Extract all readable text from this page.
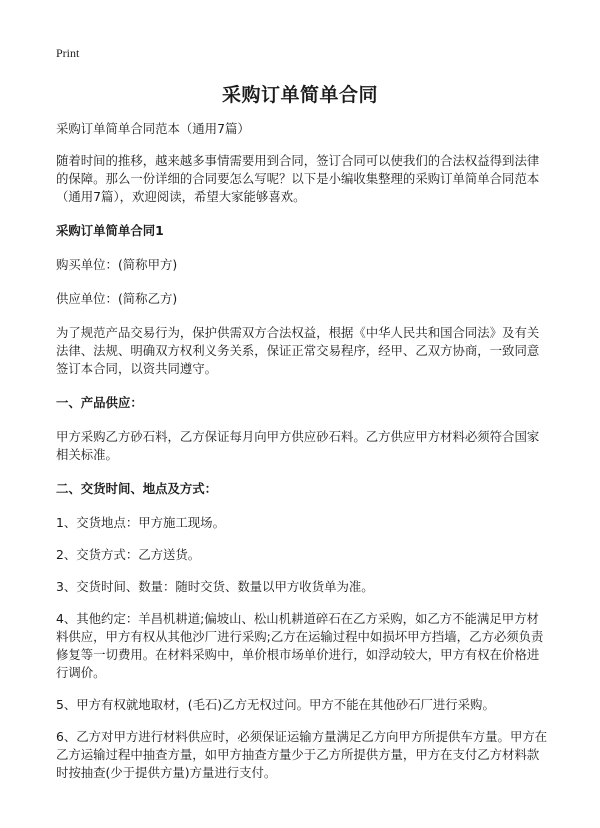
Print
采购订单简单合同

采购订单简单合同范本（通用7篇）

随着时间的推移，越来越多事情需要用到合同，签订合同可以使我们的合法权益得到法律的保障。那么一份详细的合同要怎么写呢？以下是小编收集整理的采购订单简单合同范本（通用7篇），欢迎阅读，希望大家能够喜欢。

采购订单简单合同1

购买单位：(简称甲方)

供应单位：(简称乙方)

为了规范产品交易行为，保护供需双方合法权益，根据《中华人民共和国合同法》及有关法律、法规、明确双方权利义务关系，保证正常交易程序，经甲、乙双方协商，一致同意签订本合同，以资共同遵守。

一、产品供应：

甲方采购乙方砂石料，乙方保证每月向甲方供应砂石料。乙方供应甲方材料必须符合国家相关标准。

二、交货时间、地点及方式：

1、交货地点：甲方施工现场。

2、交货方式：乙方送货。

3、交货时间、数量：随时交货、数量以甲方收货单为准。

4、其他约定：羊昌机耕道;偏坡山、松山机耕道碎石在乙方采购，如乙方不能满足甲方材料供应，甲方有权从其他沙厂进行采购;乙方在运输过程中如损坏甲方挡墙，乙方必须负责修复等一切费用。在材料采购中，单价根市场单价进行，如浮动较大，甲方有权在价格进行调价。

5、甲方有权就地取材，(毛石)乙方无权过问。甲方不能在其他砂石厂进行采购。

6、乙方对甲方进行材料供应时，必须保证运输方量满足乙方向甲方所提供车方量。甲方在乙方运输过程中抽查方量，如甲方抽查方量少于乙方所提供方量，甲方在支付乙方材料款时按抽查(少于提供方量)方量进行支付。
